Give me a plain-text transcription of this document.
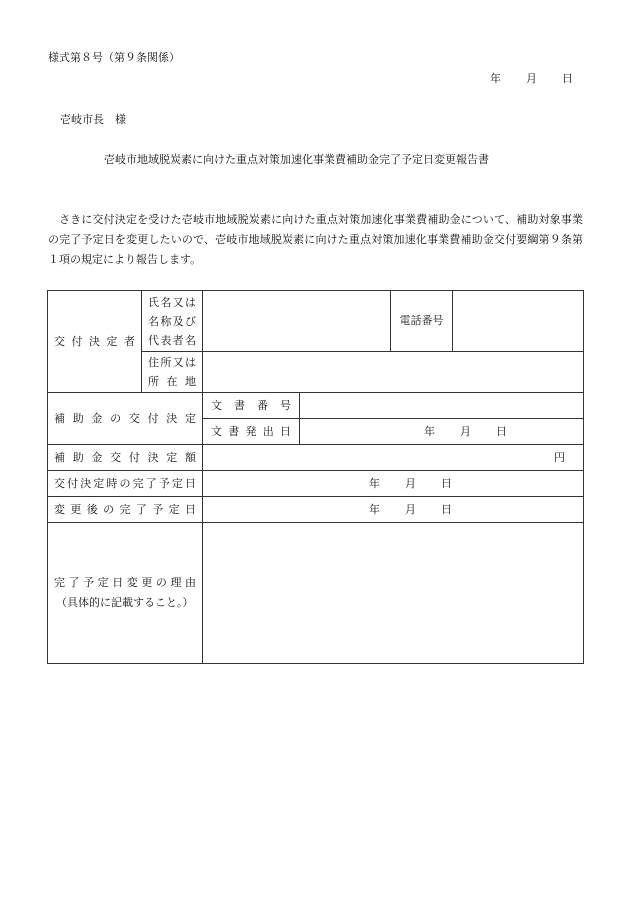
様式第８号（第９条関係）
年 月 日
壱岐市長　様
壱岐市地域脱炭素に向けた重点対策加速化事業費補助金完了予定日変更報告書
さきに交付決定を受けた壱岐市地域脱炭素に向けた重点対策加速化事業費補助金について、補助対象事業の完了予定日を変更したいので、壱岐市地域脱炭素に向けた重点対策加速化事業費補助金交付要綱第９条第１項の規定により報告します。
交付決定者	氏名又は
名称及び
代表者名			電話番号	

	住所又は
所在地				

補助金の交付決定		文書番号			
		文書発出日	年 月 日		
補助金交付決定額		円			
交付決定時の完了予定日		年 月 日			
変更後の完了予定日		年 月 日			

完了予定日変更の理由
（具体的に記載すること。）					
